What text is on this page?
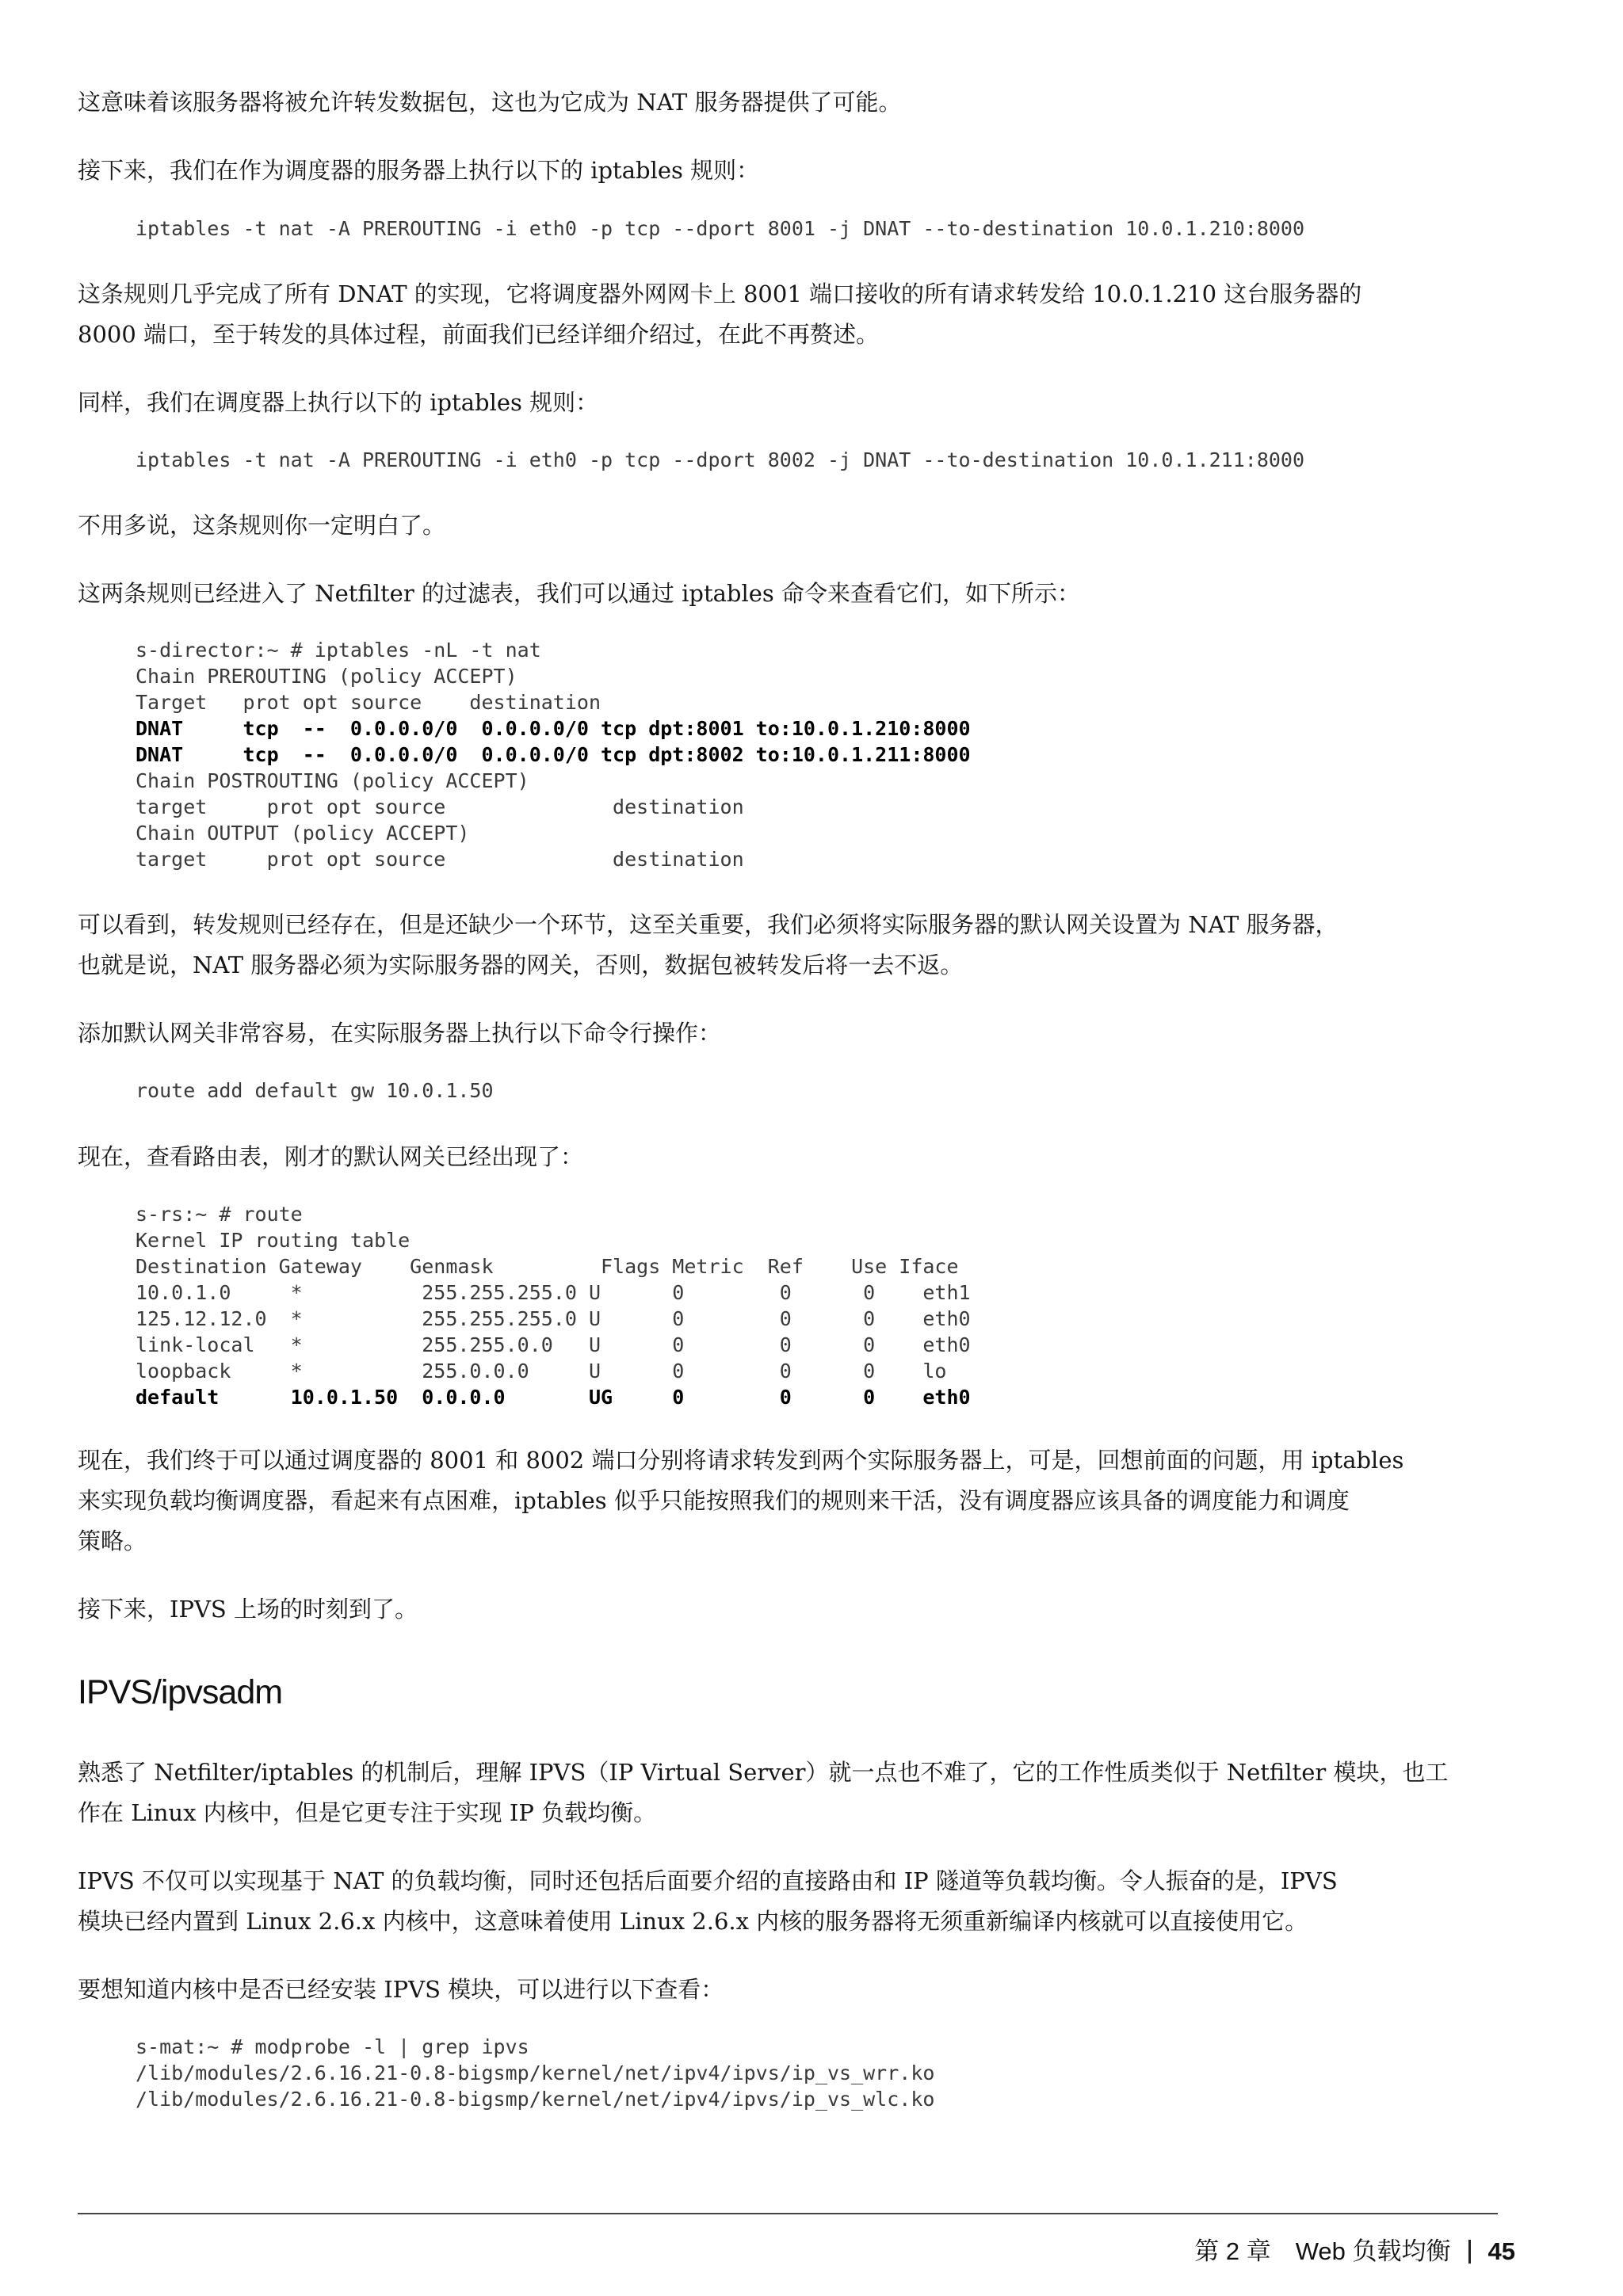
这意味着该服务器将被允许转发数据包，这也为它成为 NAT 服务器提供了可能。

接下来，我们在作为调度器的服务器上执行以下的 iptables 规则：

iptables -t nat -A PREROUTING -i eth0 -p tcp --dport 8001 -j DNAT --to-destination 10.0.1.210:8000

这条规则几乎完成了所有 DNAT 的实现，它将调度器外网网卡上 8001 端口接收的所有请求转发给 10.0.1.210 这台服务器的

8000 端口，至于转发的具体过程，前面我们已经详细介绍过，在此不再赘述。

同样，我们在调度器上执行以下的 iptables 规则：

iptables -t nat -A PREROUTING -i eth0 -p tcp --dport 8002 -j DNAT --to-destination 10.0.1.211:8000

不用多说，这条规则你一定明白了。

这两条规则已经进入了 Netfilter 的过滤表，我们可以通过 iptables 命令来查看它们，如下所示：

s-director:~ # iptables -nL -t nat
Chain PREROUTING (policy ACCEPT)
Target   prot opt source    destination
DNAT     tcp  --  0.0.0.0/0  0.0.0.0/0 tcp dpt:8001 to:10.0.1.210:8000
DNAT     tcp  --  0.0.0.0/0  0.0.0.0/0 tcp dpt:8002 to:10.0.1.211:8000
Chain POSTROUTING (policy ACCEPT)
target     prot opt source              destination
Chain OUTPUT (policy ACCEPT)
target     prot opt source              destination

可以看到，转发规则已经存在，但是还缺少一个环节，这至关重要，我们必须将实际服务器的默认网关设置为 NAT 服务器，

也就是说，NAT 服务器必须为实际服务器的网关，否则，数据包被转发后将一去不返。

添加默认网关非常容易，在实际服务器上执行以下命令行操作：

route add default gw 10.0.1.50

现在，查看路由表，刚才的默认网关已经出现了：

s-rs:~ # route
Kernel IP routing table
Destination Gateway    Genmask         Flags Metric  Ref    Use Iface
10.0.1.0     *          255.255.255.0 U      0        0      0    eth1
125.12.12.0  *          255.255.255.0 U      0        0      0    eth0
link-local   *          255.255.0.0   U      0        0      0    eth0
loopback     *          255.0.0.0     U      0        0      0    lo
default      10.0.1.50  0.0.0.0       UG     0        0      0    eth0

现在，我们终于可以通过调度器的 8001 和 8002 端口分别将请求转发到两个实际服务器上，可是，回想前面的问题，用 iptables

来实现负载均衡调度器，看起来有点困难，iptables 似乎只能按照我们的规则来干活，没有调度器应该具备的调度能力和调度

策略。

接下来，IPVS 上场的时刻到了。

IPVS/ipvsadm

熟悉了 Netfilter/iptables 的机制后，理解 IPVS（IP Virtual Server）就一点也不难了，它的工作性质类似于 Netfilter 模块，也工

作在 Linux 内核中，但是它更专注于实现 IP 负载均衡。

IPVS 不仅可以实现基于 NAT 的负载均衡，同时还包括后面要介绍的直接路由和 IP 隧道等负载均衡。令人振奋的是，IPVS

模块已经内置到 Linux 2.6.x 内核中，这意味着使用 Linux 2.6.x 内核的服务器将无须重新编译内核就可以直接使用它。

要想知道内核中是否已经安装 IPVS 模块，可以进行以下查看：

s-mat:~ # modprobe -l | grep ipvs
/lib/modules/2.6.16.21-0.8-bigsmp/kernel/net/ipv4/ipvs/ip_vs_wrr.ko
/lib/modules/2.6.16.21-0.8-bigsmp/kernel/net/ipv4/ipvs/ip_vs_wlc.ko
第 2 章　Web 负载均衡 45
